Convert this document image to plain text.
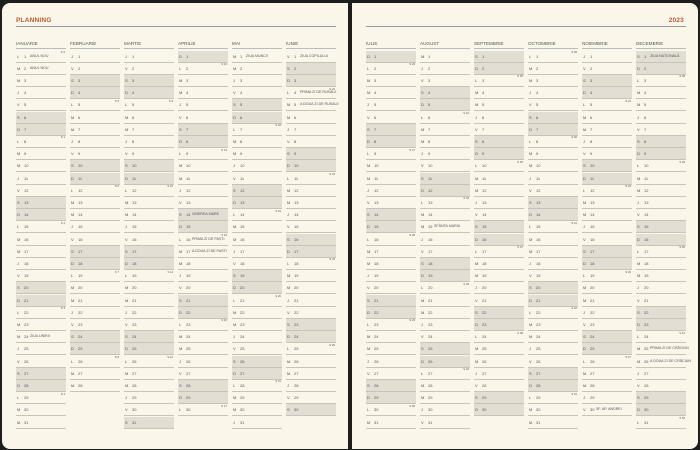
PLANNING
IANUARIE
L 1 ANUL NOU
S 0
M 2 ANUL NOU
M 3
J 4
V 5
S 6
D 7
L 8
S 1
M 9
M 10
J 11
V 12
S 13
D 14
L 15
S 2
M 16
M 17
J 18
V 19
S 20
D 21
L 22
S 3
M 23
M 24 ZIUA UNIRII
J 25
V 26
S 27
D 28
L 29
S 4
M 30
M 31
FEBRUARIE
J 1
V 2
S 3
D 4
L 5
S 5
M 6
M 7
J 8
V 9
S 10
D 11
L 12
S 6
M 13
M 14
J 15
V 16
S 17
D 18
L 19
S 7
M 20
M 21
J 22
V 23
S 24
D 25
L 26
S 8
M 27
M 28
MARTIE
J 1
V 2
S 3
D 4
L 5
S 9
M 6
M 7
J 8
V 9
S 10
D 11
L 12
S 10
M 13
M 14
J 15
V 16
S 17
D 18
L 19
S 11
M 20
M 21
J 22
V 23
S 24
D 25
L 26
S 12
M 27
M 28
J 29
V 30
S 31
APRILIE
D 1
L 2
S 13
M 3
M 4
J 5
V 6
S 7
D 8
L 9
S 14
M 10
M 11
J 12
V 13
S 14 VINEREA MARE
D 15
L 16 PRIMA ZI DE PAȘTI
S 15
M 17 A DOUA ZI DE PAȘTI
M 18
J 19
V 20
S 21
D 22
L 23
S 16
M 24
M 25
J 26
V 27
S 28
D 29
L 30
S 17
MAI
M 1 ZIUA MUNCII
M 2
J 3
V 4
S 5
D 6
L 7
S 18
M 8
M 9
J 10
V 11
S 12
D 13
L 14
S 19
M 15
M 16
J 17
V 18
S 19
D 20
L 21
S 20
M 22
M 23
J 24
V 25
S 26
D 27
L 28
S 21
M 29
M 30
J 31
IUNIE
V 1 ZIUA COPILULUI
S 2
D 3
L 4 PRIMA ZI DE RUSALII
S 22
M 5 A DOUA ZI DE RUSALII
M 6
J 7
V 8
S 9
D 10
L 11
S 23
M 12
M 13
J 14
V 15
S 16
D 17
L 18
S 24
M 19
M 20
J 21
V 22
S 23
D 24
L 25
S 25
M 26
M 27
J 28
V 29
S 30
2023
IULIE
D 1
L 2
S 26
M 3
M 4
J 5
V 6
S 7
D 8
L 9
S 27
M 10
M 11
J 12
V 13
S 14
D 15
L 16
S 28
M 17
M 18
J 19
V 20
S 21
D 22
L 23
S 29
M 24
M 25
J 26
V 27
S 28
D 29
L 30
S 30
M 31
AUGUST
M 1
J 2
V 3
S 4
D 5
L 6
S 31
M 7
M 8
J 9
V 10
S 11
D 12
L 13
S 32
M 14
M 15 SFÂNTA MARIA
J 16
V 17
S 18
D 19
L 20
S 33
M 21
M 22
J 23
V 24
S 25
D 26
L 27
S 34
M 28
M 29
J 30
V 31
SEPTEMBRIE
S 1
D 2
L 3
S 35
M 4
M 5
J 6
V 7
S 8
D 9
L 10
S 36
M 11
M 12
J 13
V 14
S 15
D 16
L 17
S 37
M 18
M 19
J 20
V 21
S 22
D 23
L 24
S 38
M 25
M 26
J 27
V 28
S 29
D 30
OCTOMBRIE
L 1
S 39
M 2
M 3
J 4
V 5
S 6
D 7
L 8
S 40
M 9
M 10
J 11
V 12
S 13
D 14
L 15
S 41
M 16
M 17
J 18
V 19
S 20
D 21
L 22
S 42
M 23
M 24
J 25
V 26
S 27
D 28
L 29
S 43
M 30
M 31
NOIEMBRIE
J 1
V 2
S 3
D 4
L 5
S 44
M 6
M 7
J 8
V 9
S 10
D 11
L 12
S 45
M 13
M 14
J 15
V 16
S 17
D 18
L 19
S 46
M 20
M 21
J 22
V 23
S 24
D 25
L 26
S 47
M 27
M 28
J 29
V 30 SF. AP. ANDREI
DECEMBRIE
S 1 ZIUA NAȚIONALĂ
D 2
L 3
S 48
M 4
M 5
J 6
V 7
S 8
D 9
L 10
S 49
M 11
M 12
J 13
V 14
S 15
D 16
L 17
S 50
M 18
M 19
J 20
V 21
S 22
D 23
L 24
S 51
M 25 PRIMA ZI DE CRĂCIUN
M 26 A DOUA ZI DE CRĂCIUN
J 27
V 28
S 29
D 30
L 31
S 52
